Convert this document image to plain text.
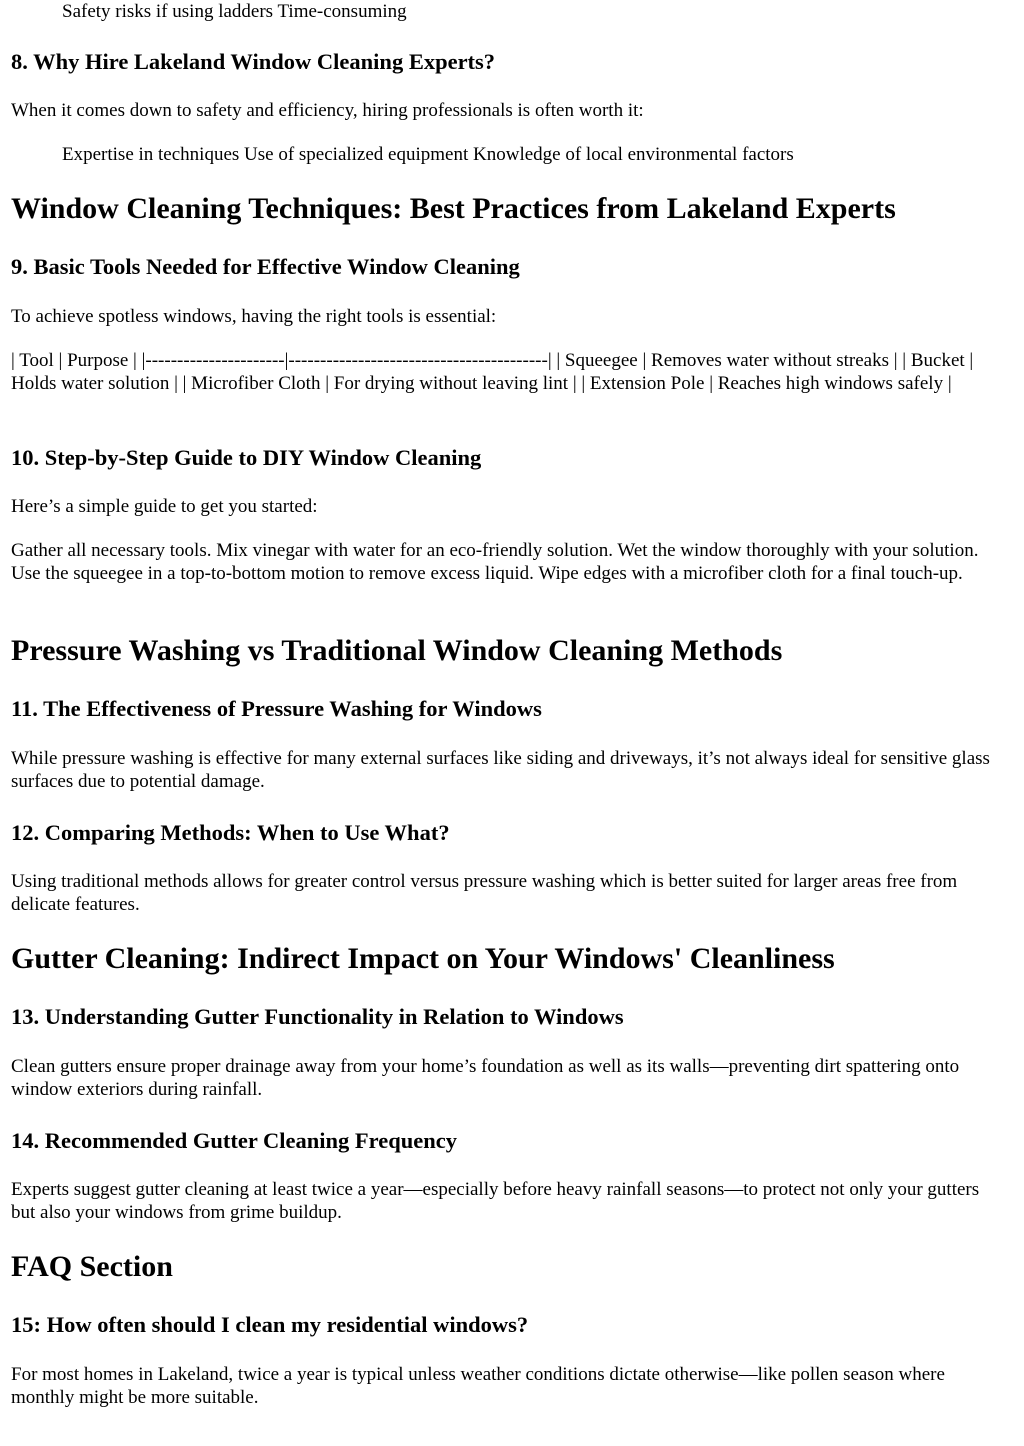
Safety risks if using ladders Time-consuming

8. Why Hire Lakeland Window Cleaning Experts?

When it comes down to safety and efficiency, hiring professionals is often worth it:

Expertise in techniques Use of specialized equipment Knowledge of local environmental factors

Window Cleaning Techniques: Best Practices from Lakeland Experts
9. Basic Tools Needed for Effective Window Cleaning

To achieve spotless windows, having the right tools is essential:

| Tool | Purpose | |----------------------|-----------------------------------------| | Squeegee | Removes water without streaks | | Bucket | Holds water solution | | Microfiber Cloth | For drying without leaving lint | | Extension Pole | Reaches high windows safely |

10. Step-by-Step Guide to DIY Window Cleaning

Here’s a simple guide to get you started:

Gather all necessary tools. Mix vinegar with water for an eco-friendly solution. Wet the window thoroughly with your solution. Use the squeegee in a top-to-bottom motion to remove excess liquid. Wipe edges with a microfiber cloth for a final touch-up.

Pressure Washing vs Traditional Window Cleaning Methods
11. The Effectiveness of Pressure Washing for Windows

While pressure washing is effective for many external surfaces like siding and driveways, it’s not always ideal for sensitive glass surfaces due to potential damage.

12. Comparing Methods: When to Use What?

Using traditional methods allows for greater control versus pressure washing which is better suited for larger areas free from delicate features.

Gutter Cleaning: Indirect Impact on Your Windows' Cleanliness
13. Understanding Gutter Functionality in Relation to Windows

Clean gutters ensure proper drainage away from your home’s foundation as well as its walls—preventing dirt spattering onto window exteriors during rainfall.

14. Recommended Gutter Cleaning Frequency

Experts suggest gutter cleaning at least twice a year—especially before heavy rainfall seasons—to protect not only your gutters but also your windows from grime buildup.

FAQ Section
15: How often should I clean my residential windows?

For most homes in Lakeland, twice a year is typical unless weather conditions dictate otherwise—like pollen season where monthly might be more suitable.
